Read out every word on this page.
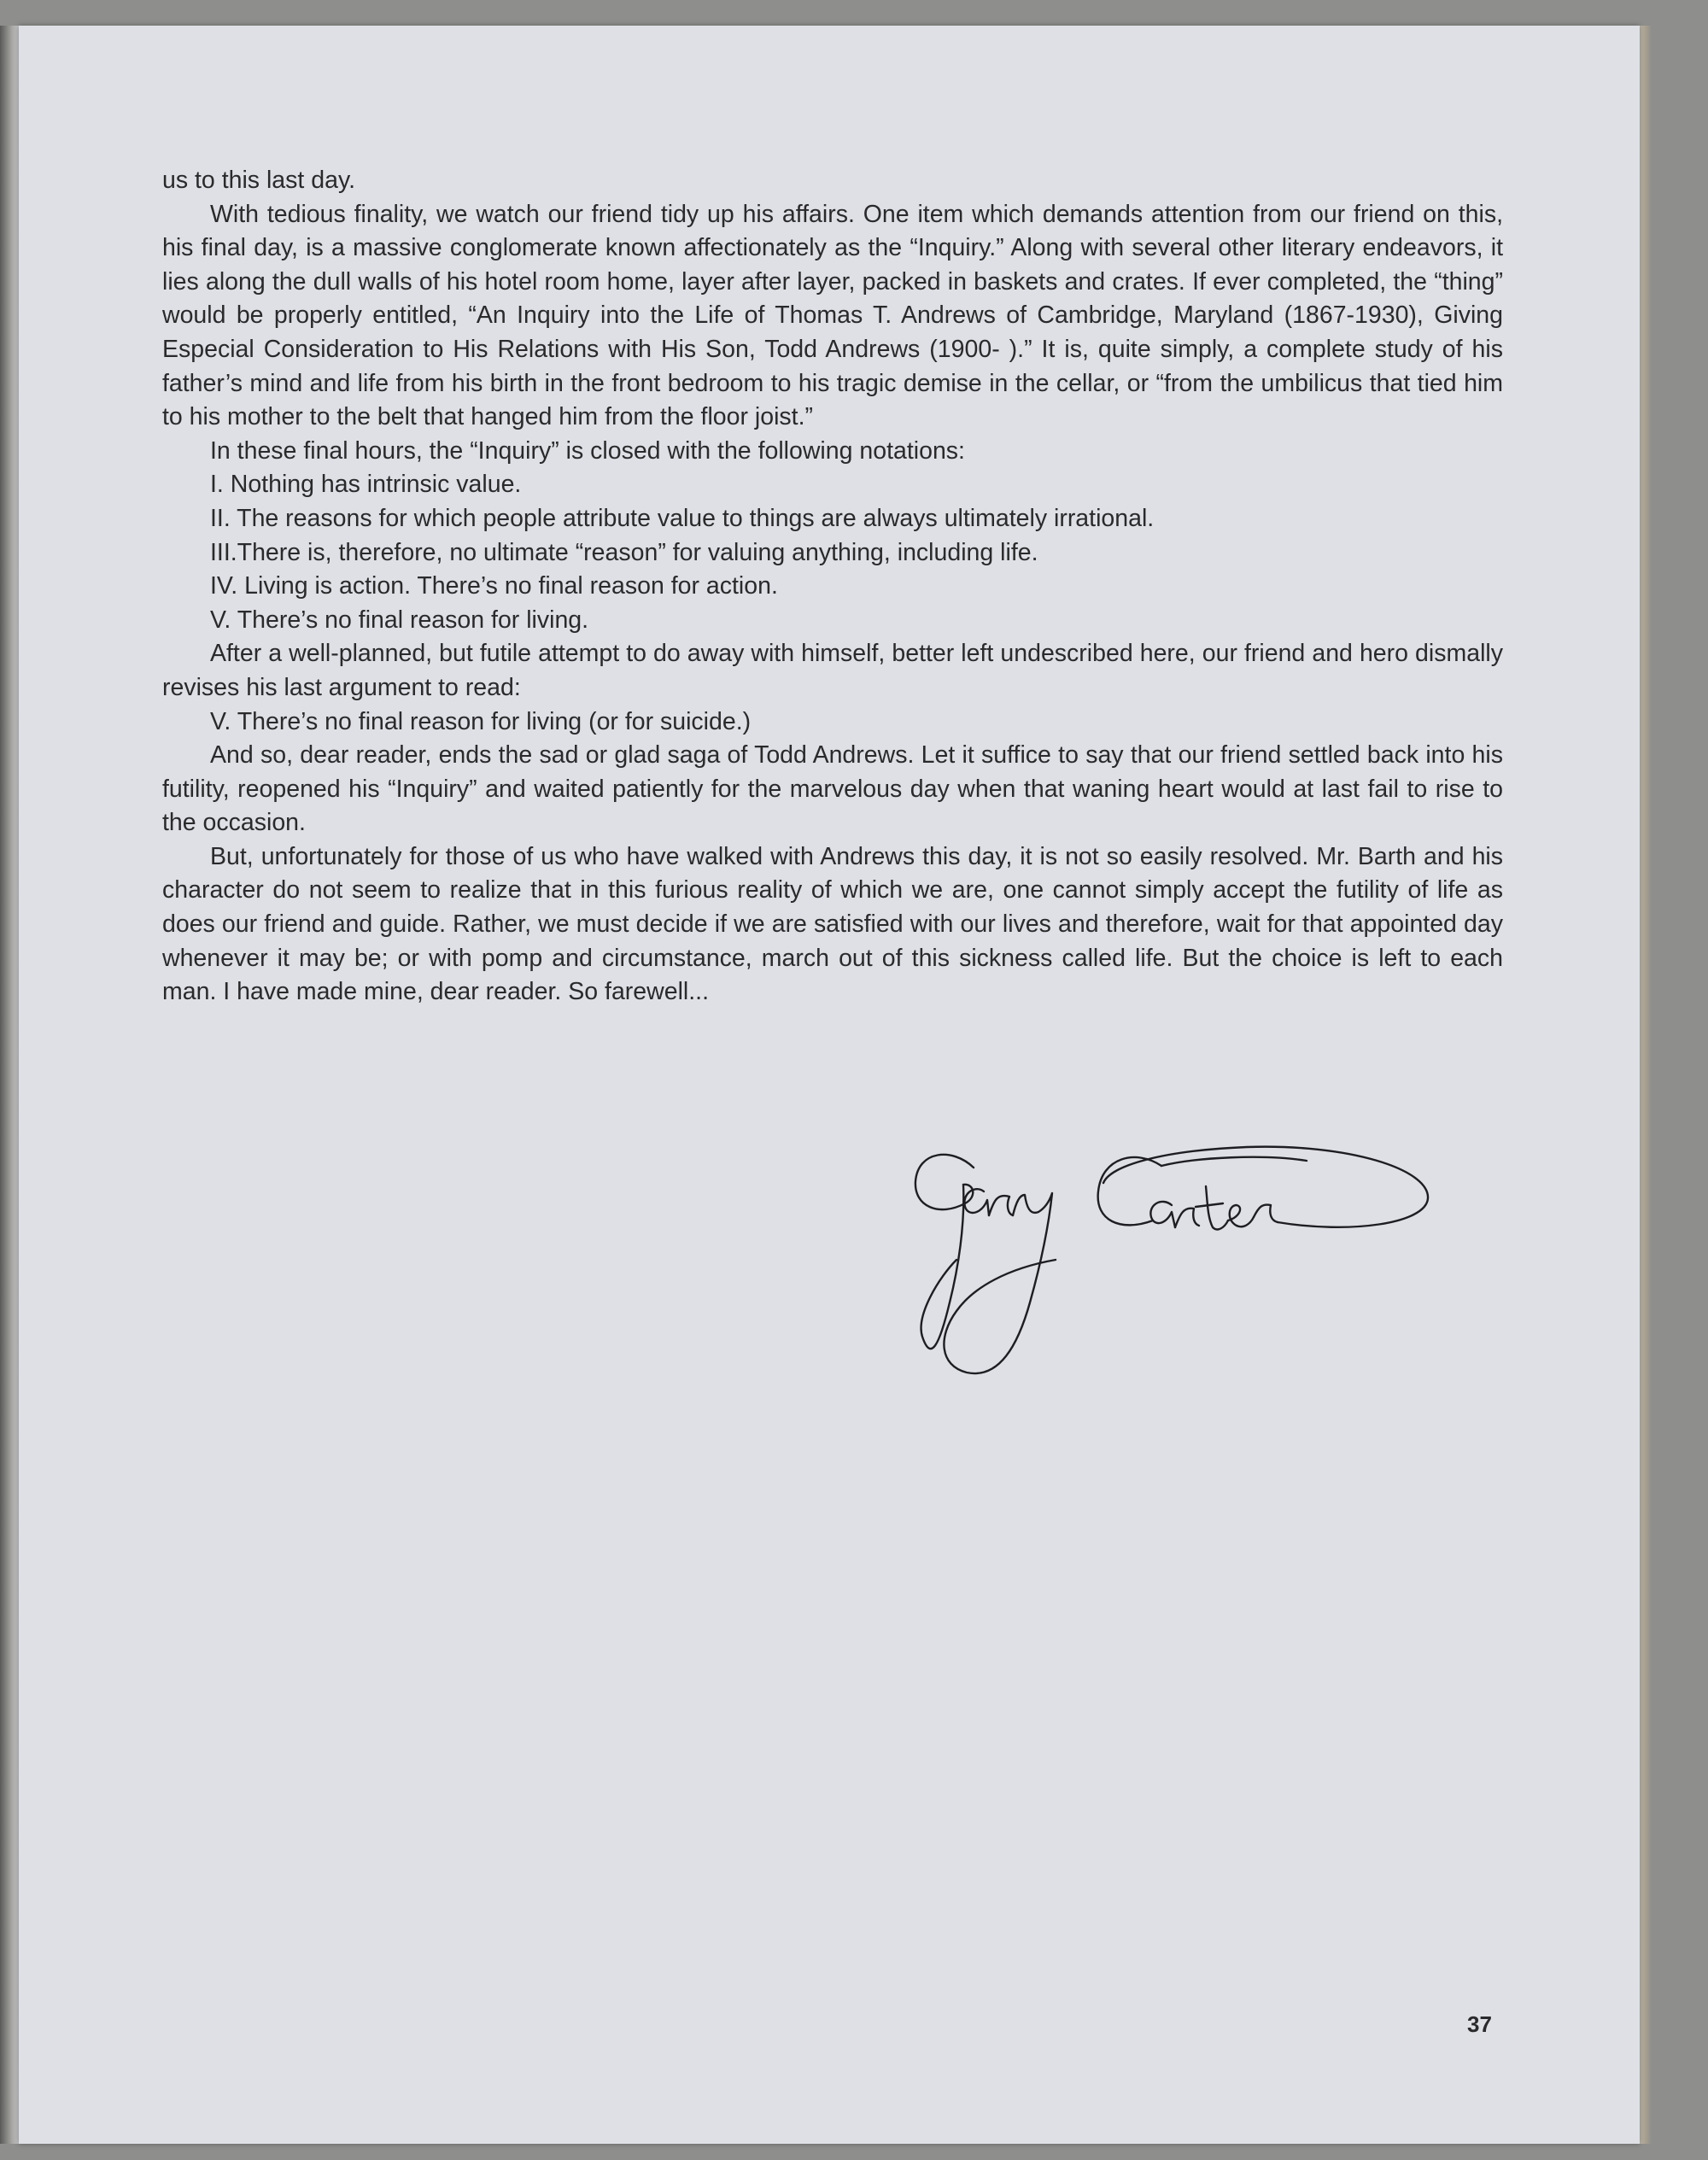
us to this last day.

With tedious finality, we watch our friend tidy up his affairs. One item which demands attention from our friend on this, his final day, is a massive conglomerate known affectionately as the “Inquiry.” Along with several other literary endeavors, it lies along the dull walls of his hotel room home, layer after layer, packed in baskets and crates. If ever completed, the “thing” would be properly entitled, “An Inquiry into the Life of Thomas T. Andrews of Cambridge, Maryland (1867-1930), Giving Especial Consideration to His Relations with His Son, Todd Andrews (1900- ).” It is, quite simply, a complete study of his father’s mind and life from his birth in the front bedroom to his tragic demise in the cellar, or “from the umbilicus that tied him to his mother to the belt that hanged him from the floor joist.”

In these final hours, the “Inquiry” is closed with the following notations:

I. Nothing has intrinsic value.

II. The reasons for which people attribute value to things are always ultimately irrational.

III.There is, therefore, no ultimate “reason” for valuing anything, including life.

IV. Living is action. There’s no final reason for action.

V. There’s no final reason for living.

After a well-planned, but futile attempt to do away with himself, better left undescribed here, our friend and hero dismally revises his last argument to read:

V. There’s no final reason for living (or for suicide.)

And so, dear reader, ends the sad or glad saga of Todd Andrews. Let it suffice to say that our friend settled back into his futility, reopened his “Inquiry” and waited patiently for the marvelous day when that waning heart would at last fail to rise to the occasion.

But, unfortunately for those of us who have walked with Andrews this day, it is not so easily resolved. Mr. Barth and his character do not seem to realize that in this furious reality of which we are, one cannot simply accept the futility of life as does our friend and guide. Rather, we must decide if we are satisfied with our lives and therefore, wait for that appointed day whenever it may be; or with pomp and circumstance, march out of this sickness called life. But the choice is left to each man. I have made mine, dear reader. So farewell...

37
